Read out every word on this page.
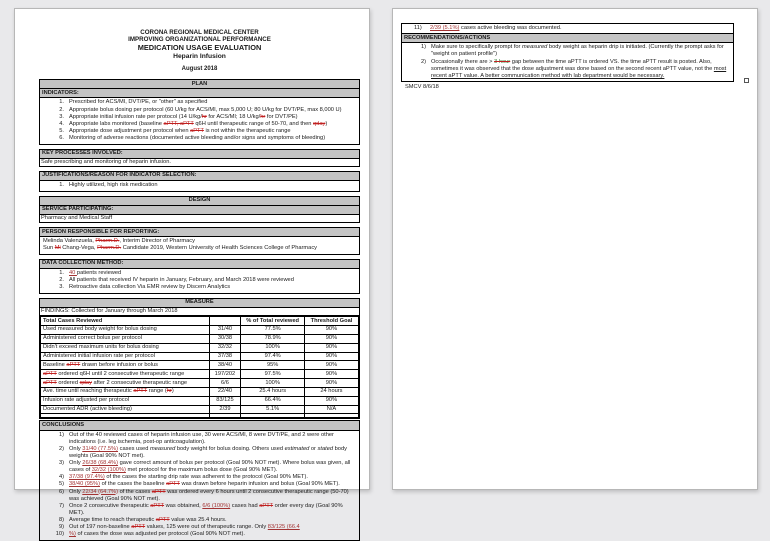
CORONA REGIONAL MEDICAL CENTER
IMPROVING ORGANIZATIONAL PERFORMANCE
MEDICATION USAGE EVALUATION
Heparin Infusion
August 2018
PLAN
INDICATORS:
1. Prescribed for ACS/MI, DVT/PE, or "other" as specified
2. Appropriate bolus dosing per protocol (60 U/kg for ACS/MI, max 5,000 U; 80 U/kg for DVT/PE, max 8,000 U)
3. Appropriate initial infusion rate per protocol (14 U/kg/hr for ACS/MI; 18 U/kg/hr for DVT/PE)
4. Appropriate labs monitored (baseline aPTT, aPTT q6H until therapeutic range of 50-70, and then qday)
5. Appropriate dose adjustment per protocol when aPTT is not within the therapeutic range
6. Monitoring of adverse reactions (documented active bleeding and/or signs and symptoms of bleeding)
KEY PROCESSES INVOLVED:
Safe prescribing and monitoring of heparin infusion.
JUSTIFICATIONS/REASON FOR INDICATOR SELECTION:
1. Highly utilized, high risk medication
DESIGN
SERVICE PARTICIPATING:
Pharmacy and Medical Staff
PERSON RESPONSIBLE FOR REPORTING:
Melinda Valenzuela, Pharm.D., Interim Director of Pharmacy
Sun Mi Chang-Vega, Pharm.D. Candidate 2019, Western University of Health Sciences College of Pharmacy
DATA COLLECTION METHOD:
1. 40 patients reviewed
2. All patients that received IV heparin in January, February, and March 2018 were reviewed
3. Retroactive data collection Via EMR review by Discern Analytics
MEASURE
FINDINGS: Collected for January through March 2018
Total Cases Reviewed		% of Total reviewed	Threshold Goal
Used measured body weight for bolus dosing	31/40	77.5%	90%
Administered correct bolus per protocol	30/38	78.9%	90%
Didn't exceed maximum units for bolus dosing	32/32	100%	90%
Administered initial infusion rate per protocol	37/38	97.4%	90%
Baseline aPTT drawn before infusion or bolus	38/40	95%	90%
aPTT ordered q6H until 2 consecutive therapeutic range	197/202	97.5%	90%
aPTT ordered qday after 2 consecutive therapeutic range	6/6	100%	90%
Ave. time until reaching therapeutic aPTT range (hr)	22/40	25.4 hours	24 hours
Infusion rate adjusted per protocol	83/125	66.4%	90%
Documented ADR (active bleeding)	2/39	5.1%	N/A

CONCLUSIONS
1) Out of the 40 reviewed cases of heparin infusion use, 30 were ACS/MI, 8 were DVT/PE, and 2 were other indications (i.e. leg ischemia, post-op anticoagulation).
2) Only 31/40 (77.5%) cases used measured body weight for bolus dosing. Others used estimated or stated body weights (Goal 90% NOT met).
3) Only 26/38 (68.4%) gave correct amount of bolus per protocol (Goal 90% NOT met). Where bolus was given, all cases of 32/32 (100%) met protocol for the maximum bolus dose (Goal 90% MET).
4) 37/38 (97.4%) of the cases the starting drip rate was adherent to the protocol (Goal 90% MET).
5) 38/40 (95%) of the cases the baseline aPTT was drawn before heparin infusion and bolus (Goal 90% MET).
6) Only 22/34 (64.7%) of the cases aPTT was ordered every 6 hours until 2 consecutive therapeutic range (50-70) was achieved (Goal 90% NOT met).
7) Once 2 consecutive therapeutic aPTT was obtained, 6/6 (100%) cases had aPTT order every day (Goal 90% MET).
8) Average time to reach therapeutic aPTT value was 25.4 hours.
9) Out of 197 non-baseline aPTT values, 125 were out of therapeutic range. Only 83/125 (66.4
10) %) of cases the dose was adjusted per protocol (Goal 90% NOT met).
11)	2/39 (5.1%) cases active bleeding was documented.
RECOMMENDATIONS/ACTIONS
1) Make sure to specifically prompt for measured body weight as heparin drip is initiated. (Currently the prompt asks for "weight on patient profile")
2) Occasionally there are > 3 hour gap between the time aPTT is ordered VS. the time aPTT result is posted. Also, sometimes it was observed that the dose adjustment was done based on the second recent aPTT value, not the most recent aPTT value. A better communication method with lab department would be necessary.
SMCV 8/6/18
